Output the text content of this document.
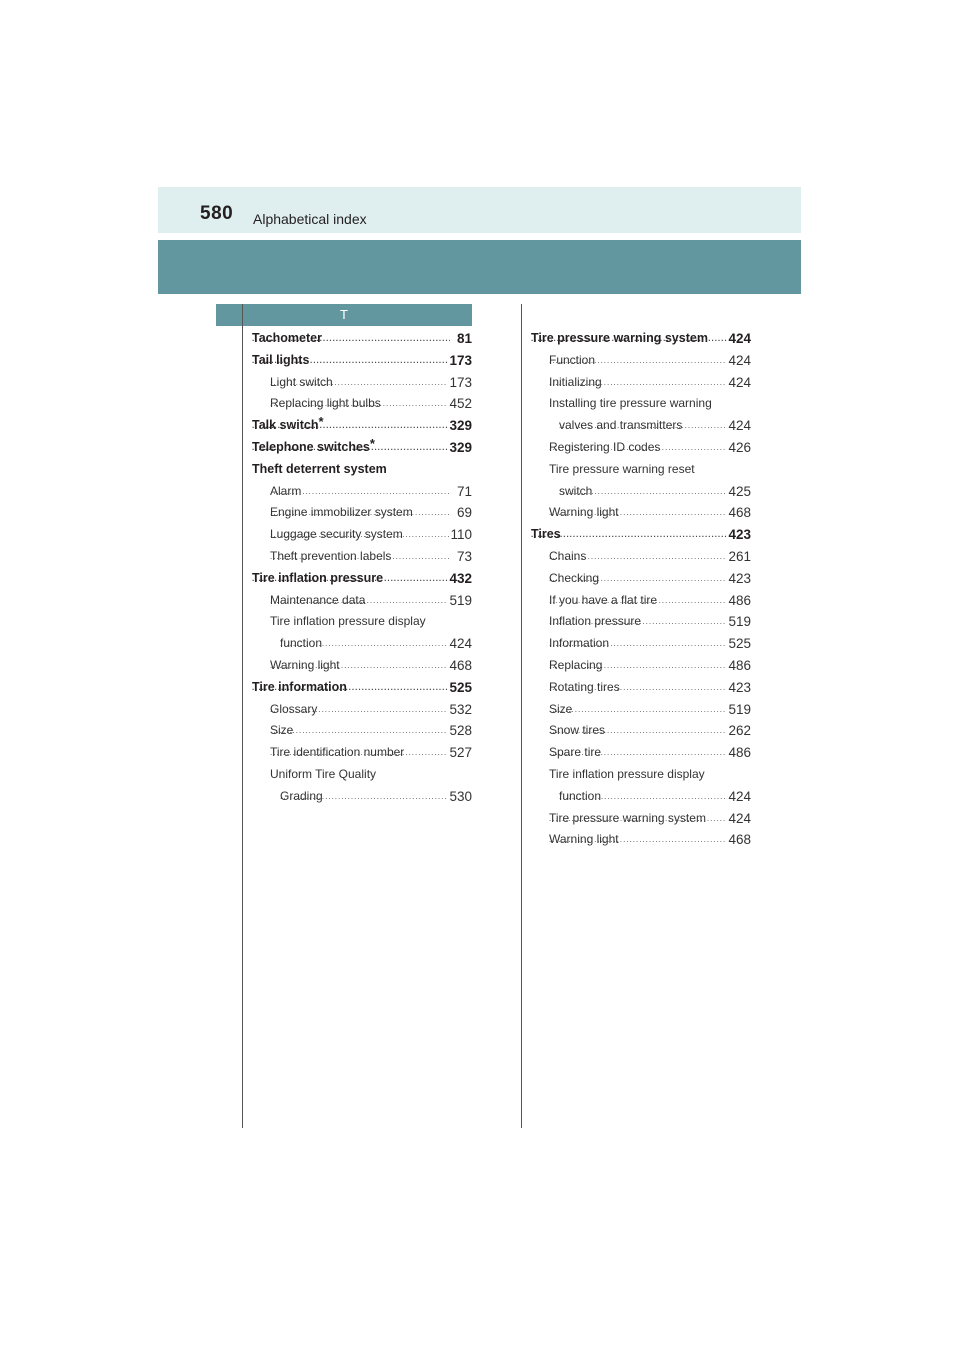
580 Alphabetical index
T
Tachometer .....	81
Tail lights .....	173
Light switch .....	173
Replacing light bulbs .....	452
Talk switch* .....	329
Telephone switches* .....	329
Theft deterrent system
Alarm .....	71
Engine immobilizer system .....	69
Luggage security system .....	110
Theft prevention labels .....	73
Tire inflation pressure .....	432
Maintenance data .....	519
Tire inflation pressure display
function .....	424
Warning light .....	468
Tire information .....	525
Glossary .....	532
Size .....	528
Tire identification number .....	527
Uniform Tire Quality
Grading .....	530
Tire pressure warning system ..... 424
Function .....	424
Initializing .....	424
Installing tire pressure warning
valves and transmitters .....	424
Registering ID codes .....	426
Tire pressure warning reset
switch .....	425
Warning light .....	468
Tires .....	423
Chains .....	261
Checking .....	423
If you have a flat tire .....	486
Inflation pressure .....	519
Information .....	525
Replacing .....	486
Rotating tires .....	423
Size .....	519
Snow tires .....	262
Spare tire .....	486
Tire inflation pressure display
function .....	424
Tire pressure warning system ..... 424
Warning light .....	468
